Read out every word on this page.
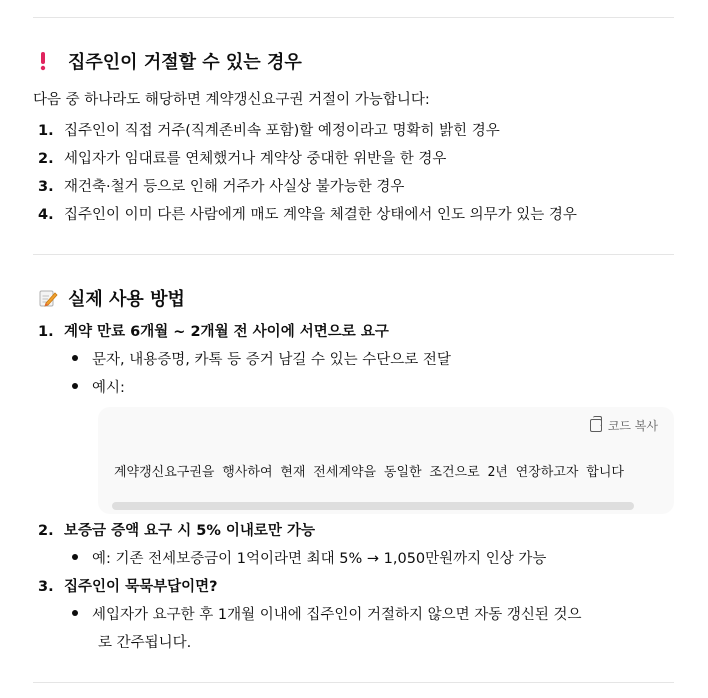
집주인이 거절할 수 있는 경우
다음 중 하나라도 해당하면 계약갱신요구권 거절이 가능합니다:
1. 집주인이 직접 거주(직계존비속 포함)할 예정이라고 명확히 밝힌 경우
2. 세입자가 임대료를 연체했거나 계약상 중대한 위반을 한 경우
3. 재건축·철거 등으로 인해 거주가 사실상 불가능한 경우
4. 집주인이 이미 다른 사람에게 매도 계약을 체결한 상태에서 인도 의무가 있는 경우
실제 사용 방법
1. 계약 만료 6개월 ~ 2개월 전 사이에 서면으로 요구
문자, 내용증명, 카톡 등 증거 남길 수 있는 수단으로 전달
예시:
코드 복사
계약갱신요구권을 행사하여 현재 전세계약을 동일한 조건으로 2년 연장하고자 합니다
2. 보증금 증액 요구 시 5% 이내로만 가능
예: 기존 전세보증금이 1억이라면 최대 5% → 1,050만원까지 인상 가능
3. 집주인이 묵묵부답이면?
세입자가 요구한 후 1개월 이내에 집주인이 거절하지 않으면 자동 갱신된 것으
로 간주됩니다.
